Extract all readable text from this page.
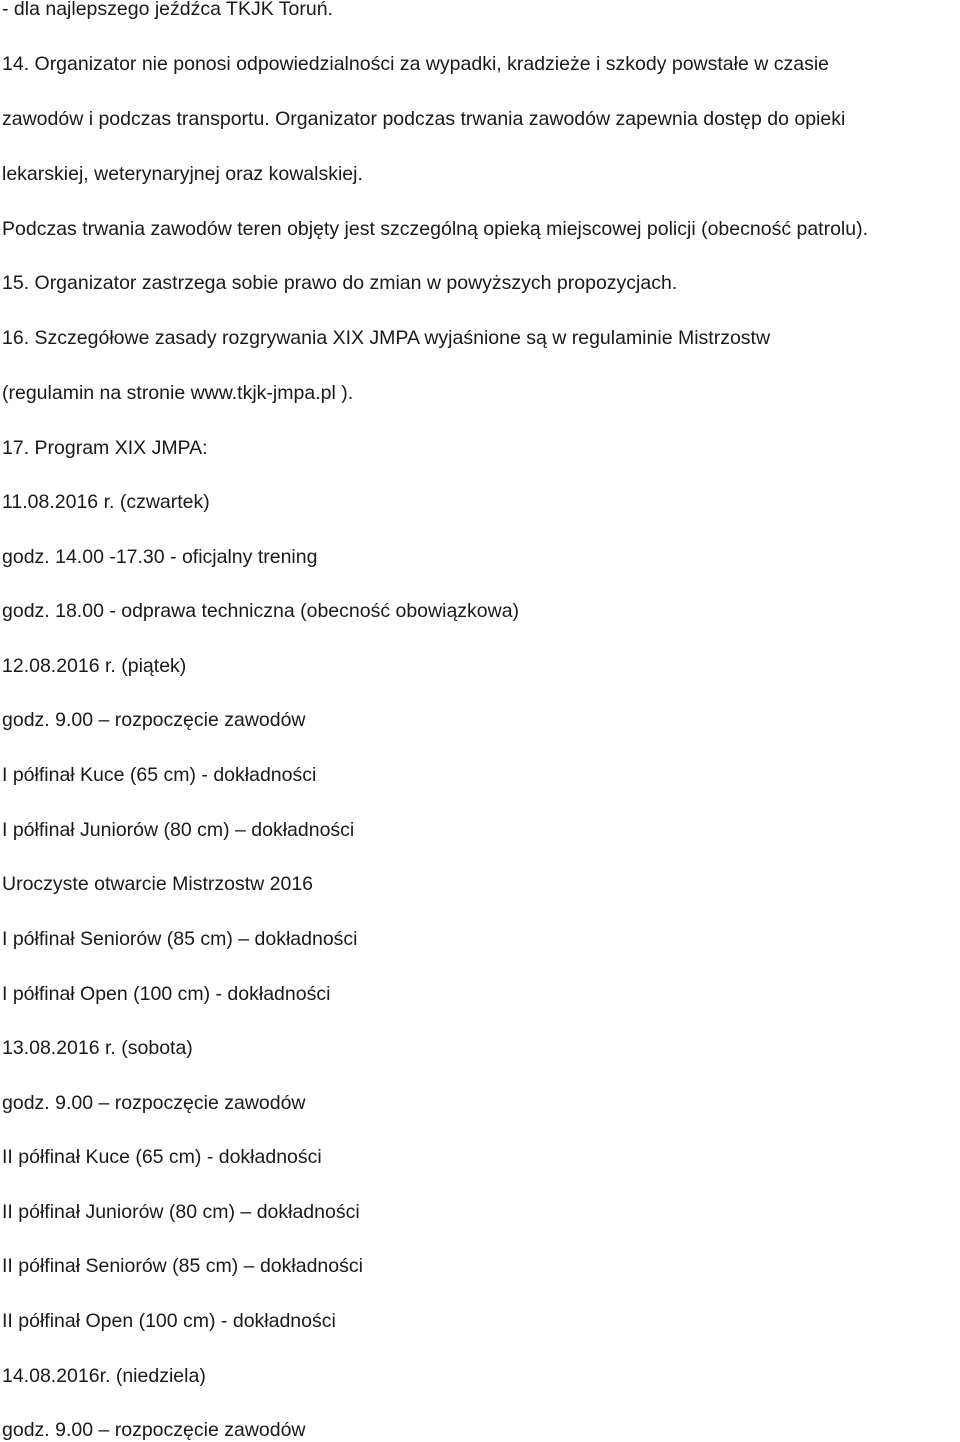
- dla najlepszego jeźdźca TKJK Toruń.
14. Organizator nie ponosi odpowiedzialności za wypadki, kradzieże i szkody powstałe w czasie
zawodów i podczas transportu. Organizator podczas trwania zawodów zapewnia dostęp do opieki
lekarskiej, weterynaryjnej oraz kowalskiej.
Podczas trwania zawodów teren objęty jest szczególną opieką miejscowej policji (obecność patrolu).
15. Organizator zastrzega sobie prawo do zmian w powyższych propozycjach.
16. Szczegółowe zasady rozgrywania XIX JMPA wyjaśnione są w regulaminie Mistrzostw
(regulamin na stronie www.tkjk-jmpa.pl ).
17. Program XIX JMPA:
11.08.2016 r. (czwartek)
godz. 14.00 -17.30 - oficjalny trening
godz. 18.00 - odprawa techniczna (obecność obowiązkowa)
12.08.2016 r. (piątek)
godz. 9.00 – rozpoczęcie zawodów
I półfinał Kuce (65 cm) - dokładności
I półfinał Juniorów (80 cm) – dokładności
Uroczyste otwarcie Mistrzostw 2016
I półfinał Seniorów (85 cm) – dokładności
I półfinał Open (100 cm) - dokładności
13.08.2016 r. (sobota)
godz. 9.00 – rozpoczęcie zawodów
II półfinał Kuce (65 cm) - dokładności
II półfinał Juniorów (80 cm) – dokładności
II półfinał Seniorów (85 cm) – dokładności
II półfinał Open (100 cm) - dokładności
14.08.2016r. (niedziela)
godz. 9.00 – rozpoczęcie zawodów
